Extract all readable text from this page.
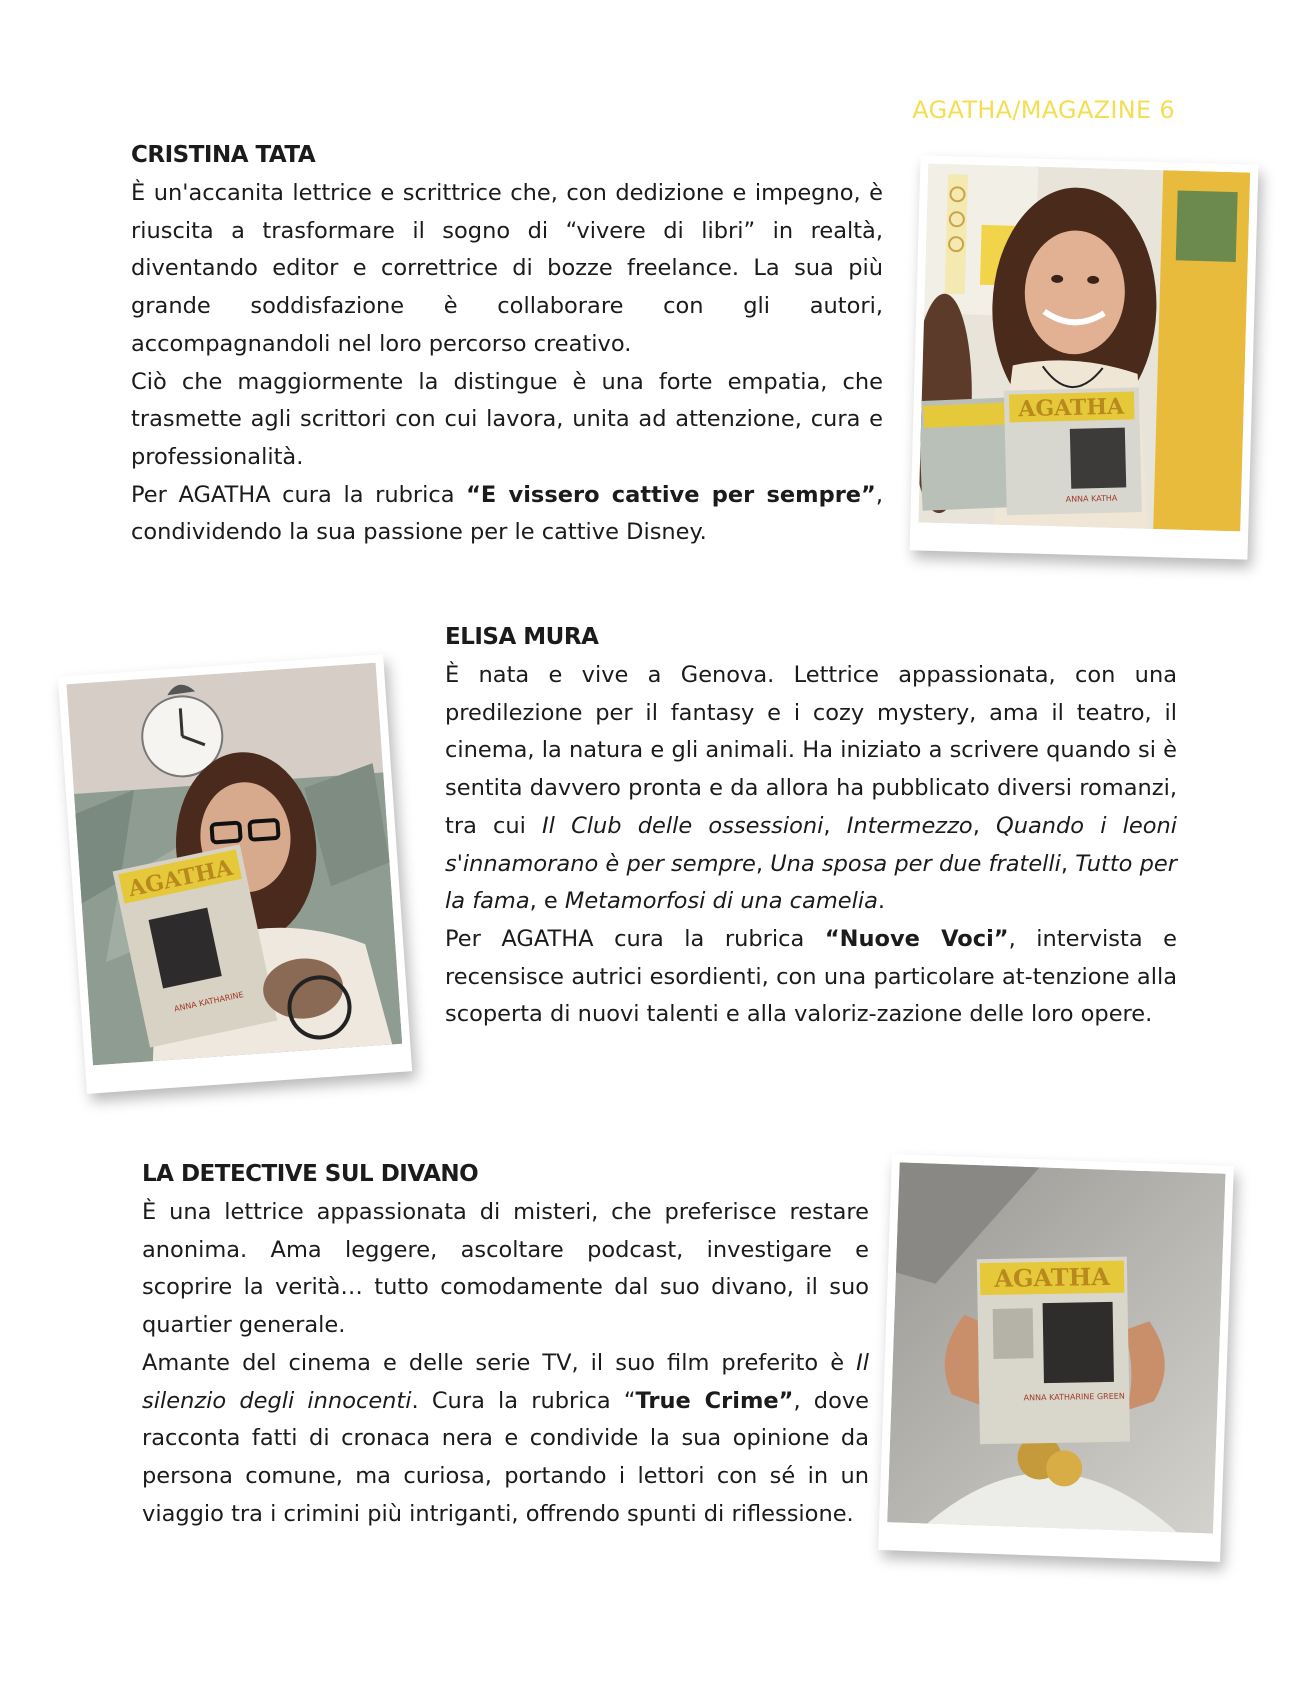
AGATHA/MAGAZINE 6
CRISTINA TATA

È un'accanita lettrice e scrittrice che, con dedizione e impegno, è riuscita a trasformare il sogno di “vivere di libri” in realtà, diventando editor e correttrice di bozze freelance. La sua più grande soddisfazione è collaborare con gli autori, accompagnandoli nel loro percorso creativo.

Ciò che maggiormente la distingue è una forte empatia, che trasmette agli scrittori con cui lavora, unita ad attenzione, cura e professionalità.

Per AGATHA cura la rubrica “E vissero cattive per sempre”, condividendo la sua passione per le cattive Disney.

ELISA MURA

È nata e vive a Genova. Lettrice appassionata, con una predilezione per il fantasy e i cozy mystery, ama il teatro, il cinema, la natura e gli animali. Ha iniziato a scrivere quando si è sentita davvero pronta e da allora ha pubblicato diversi romanzi, tra cui Il Club delle ossessioni, Intermezzo, Quando i leoni s'innamorano è per sempre, Una sposa per due fratelli, Tutto per la fama, e Metamorfosi di una camelia.

Per AGATHA cura la rubrica “Nuove Voci”, intervista e recensisce autrici esordienti, con una particolare at-tenzione alla scoperta di nuovi talenti e alla valoriz-zazione delle loro opere.

LA DETECTIVE SUL DIVANO

È una lettrice appassionata di misteri, che preferisce restare anonima. Ama leggere, ascoltare podcast, investigare e scoprire la verità… tutto comodamente dal suo divano, il suo quartier generale.

Amante del cinema e delle serie TV, il suo film preferito è Il silenzio degli innocenti. Cura la rubrica “True Crime”, dove racconta fatti di cronaca nera e condivide la sua opinione da persona comune, ma curiosa, portando i lettori con sé in un viaggio tra i crimini più intriganti, offrendo spunti di riflessione.

AGATHA
ANNA KATHA
AGATHA
ANNA KATHARINE
AGATHA
ANNA KATHARINE GREEN
